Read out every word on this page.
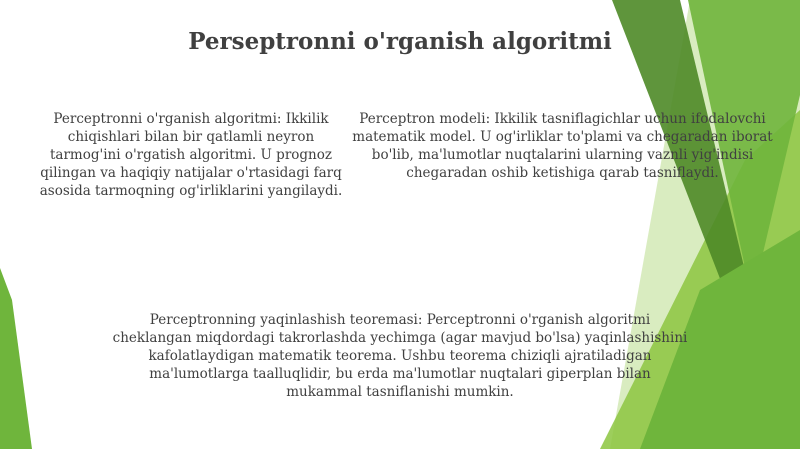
Perseptronni o'rganish algoritmi

Perceptronni o'rganish algoritmi: Ikkilik chiqishlari bilan bir qatlamli neyron tarmog'ini o'rgatish algoritmi. U prognoz qilingan va haqiqiy natijalar o'rtasidagi farq asosida tarmoqning og'irliklarini yangilaydi.

Perceptron modeli: Ikkilik tasniflagichlar uchun ifodalovchi matematik model. U og'irliklar to'plami va chegaradan iborat bo'lib, ma'lumotlar nuqtalarini ularning vaznli yig'indisi chegaradan oshib ketishiga qarab tasniflaydi.

Perceptronning yaqinlashish teoremasi: Perceptronni o'rganish algoritmi cheklangan miqdordagi takrorlashda yechimga (agar mavjud bo'lsa) yaqinlashishini kafolatlaydigan matematik teorema. Ushbu teorema chiziqli ajratiladigan ma'lumotlarga taalluqlidir, bu erda ma'lumotlar nuqtalari giperplan bilan mukammal tasniflanishi mumkin.
